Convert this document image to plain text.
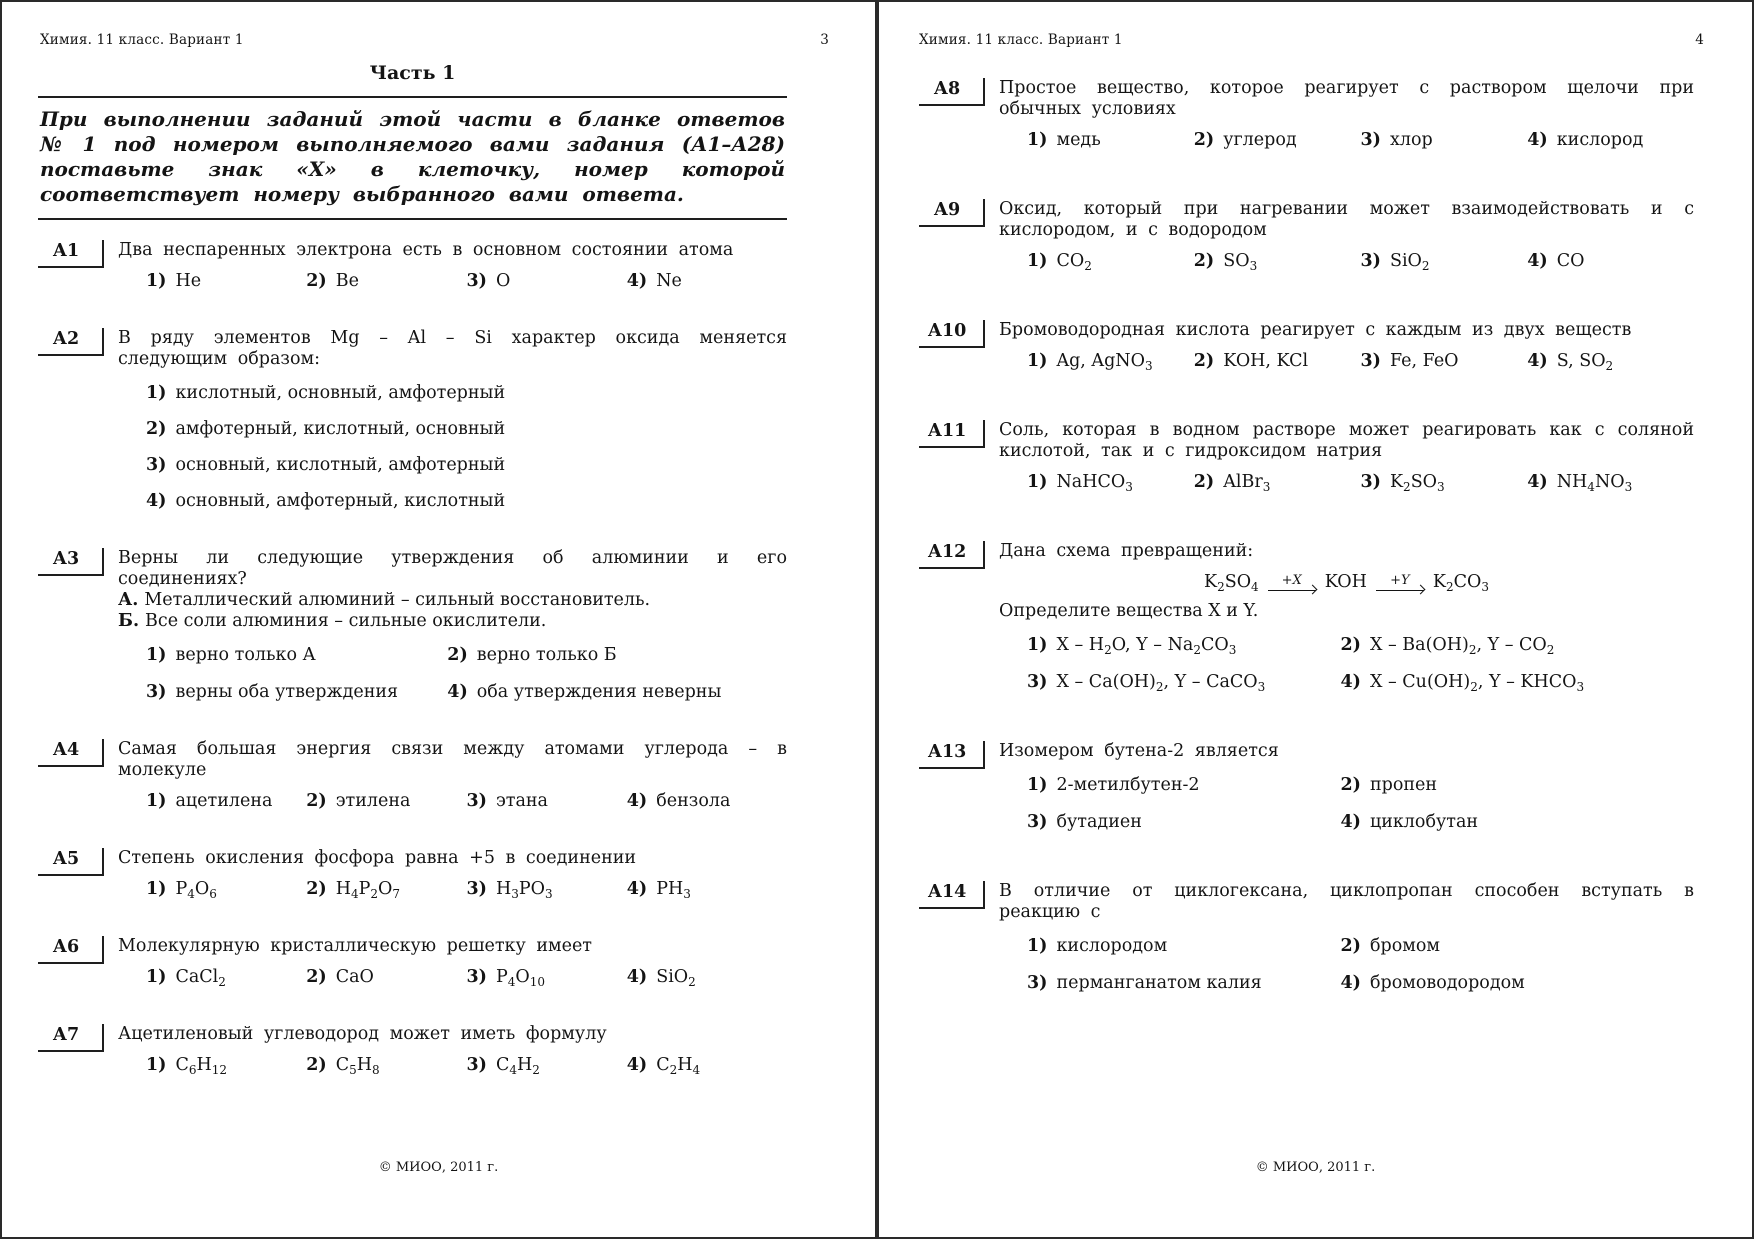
Химия. 11 класс. Вариант 1	3
Часть 1
При выполнении заданий этой части в бланке ответов № 1 под номером выполняемого вами задания (А1–А28) поставьте знак «Х» в клеточку, номер которой соответствует номеру выбранного вами ответа.
А1	Два неспаренных электрона есть в основном состоянии атома
1) He	2) Be	3) O	4) Ne
А2	В ряду элементов Mg – Al – Si характер оксида меняется следующим образом:
1) кислотный, основный, амфотерный
2) амфотерный, кислотный, основный
3) основный, кислотный, амфотерный
4) основный, амфотерный, кислотный
А3	Верны ли следующие утверждения об алюминии и его соединениях?
А. Металлический алюминий – сильный восстановитель.
Б. Все соли алюминия – сильные окислители.
1) верно только А	2) верно только Б
3) верны оба утверждения	4) оба утверждения неверны
А4	Самая большая энергия связи между атомами углерода – в молекуле
1) ацетилена	2) этилена	3) этана	4) бензола
А5	Степень окисления фосфора равна +5 в соединении
1) $P_4O_6$	2) $H_4P_2O_7$	3) $H_3PO_3$	4) $PH_3$
А6	Молекулярную кристаллическую решетку имеет
1) CaCl$_2$	2) CaO	3) $P_4O_{10}$	4) SiO$_2$
А7	Ацетиленовый углеводород может иметь формулу
1) $C_6H_{12}$	2) $C_5H_8$	3) $C_4H_2$	4) $C_2H_4$
© МИОО, 2011 г.
Химия. 11 класс. Вариант 1	4
А8	Простое вещество, которое реагирует с раствором щелочи при обычных условиях
1) медь	2) углерод	3) хлор	4) кислород
А9	Оксид, который при нагревании может взаимодействовать и с кислородом, и с водородом
1) $CO_2$	2) $SO_3$	3) SiO$_2$	4) CO
А10	Бромоводородная кислота реагирует с каждым из двух веществ
1) Ag, AgNO$_3$	2) KOH, KCl	3) Fe, FeO	4) S, $SO_2$
А11	Соль, которая в водном растворе может реагировать как с соляной кислотой, так и с гидроксидом натрия
1) NaHCO$_3$	2) AlBr$_3$	3) $K_2SO_3$	4) $NH_4NO_3$
А12	Дана схема превращений:
$K_2SO_4 +X$ KOH +Y $K_2CO_3$
Определите вещества X и Y.
1) X – $H_2O$, Y – $Na_2CO_3$	2) X – $Ba(OH)_2$, Y – $CO_2$
3) X – $Ca(OH)_2$, Y – CaCO$_3$	4) X – $Cu(OH)_2$, Y – $KHCO_3$
А13	Изомером бутена-2 является
1) 2-метилбутен-2	2) пропен
3) бутадиен	4) циклобутан
А14	В отличие от циклогексана, циклопропан способен вступать в реакцию с
1) кислородом	2) бромом
3) перманганатом калия	4) бромоводородом
© МИОО, 2011 г.
